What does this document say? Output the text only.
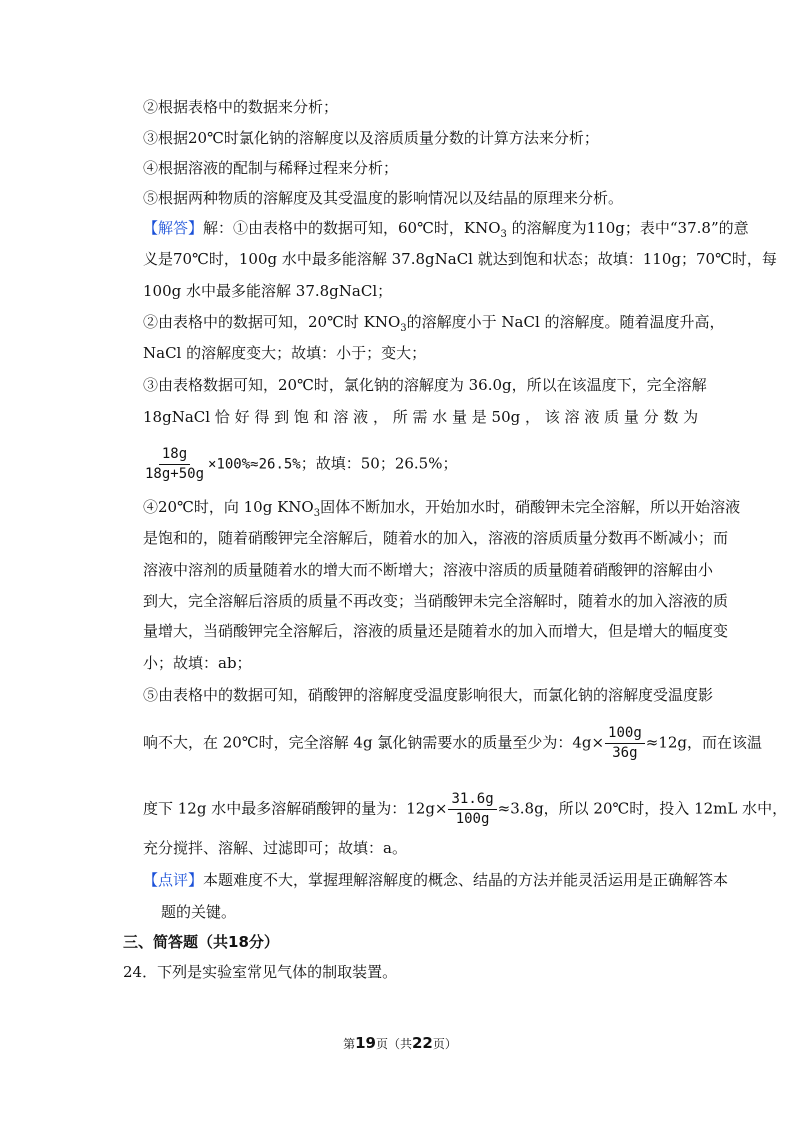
②根据表格中的数据来分析；
③根据20℃时氯化钠的溶解度以及溶质质量分数的计算方法来分析；
④根据溶液的配制与稀释过程来分析；
⑤根据两种物质的溶解度及其受温度的影响情况以及结晶的原理来分析。
【解答】解：①由表格中的数据可知，60℃时，$KNO_3$ 的溶解度为110g；表中“37.8”的意
义是70℃时，100g 水中最多能溶解 37.8gNaCl 就达到饱和状态；故填：110g；70℃时，每
100g 水中最多能溶解 37.8gNaCl；
②由表格中的数据可知，20℃时 $KNO_3$的溶解度小于 NaCl 的溶解度。随着温度升高，
NaCl 的溶解度变大；故填：小于；变大；
③由表格数据可知，20℃时，氯化钠的溶解度为 36.0g，所以在该温度下，完全溶解
18gNaCl 恰 好 得 到 饱 和 溶 液 ， 所 需 水 量 是 50g ， 该 溶 液 质 量 分 数 为
$\frac{18g}{18g+50g} \times 100\%\approx 26.5\%$；故填：50；26.5%；
④20℃时，向 10g $KNO_3$固体不断加水，开始加水时，硝酸钾未完全溶解，所以开始溶液
是饱和的，随着硝酸钾完全溶解后，随着水的加入，溶液的溶质质量分数再不断减小；而
溶液中溶剂的质量随着水的增大而不断增大；溶液中溶质的质量随着硝酸钾的溶解由小
到大，完全溶解后溶质的质量不再改变；当硝酸钾未完全溶解时，随着水的加入溶液的质
量增大，当硝酸钾完全溶解后，溶液的质量还是随着水的加入而增大，但是增大的幅度变
小；故填：ab；
⑤由表格中的数据可知，硝酸钾的溶解度受温度影响很大，而氯化钠的溶解度受温度影
响不大，在 20℃时，完全溶解 4g 氯化钠需要水的质量至少为：$4g\times \frac{100g}{36g} \approx 12g$，而在该温
度下 12g 水中最多溶解硝酸钾的量为：$12g\times \frac{31.6g}{100g} \approx 3.8g$，所以 20℃时，投入 12mL 水中，
充分搅拌、溶解、过滤即可；故填：a。
【点评】本题难度不大，掌握理解溶解度的概念、结晶的方法并能灵活运用是正确解答本
题的关键。
三、简答题（共18分）
24．下列是实验室常见气体的制取装置。
第19页（共22页）
